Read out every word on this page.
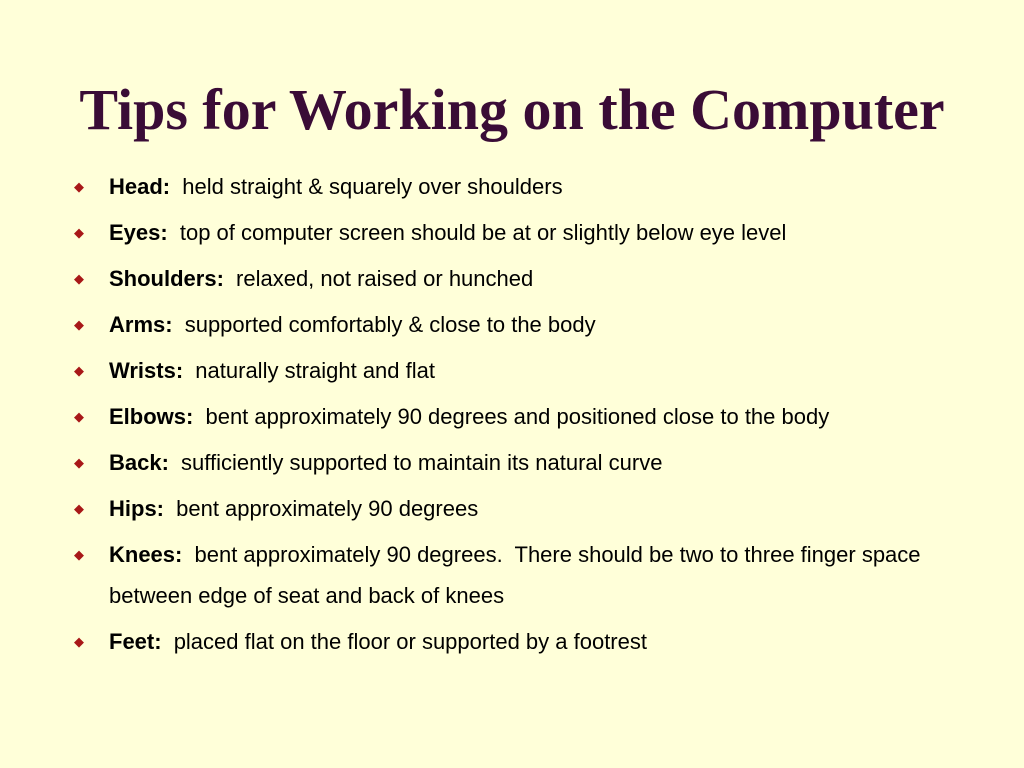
Tips for Working on the Computer
◆ Head: held straight & squarely over shoulders
◆ Eyes: top of computer screen should be at or slightly below eye level
◆ Shoulders: relaxed, not raised or hunched
◆ Arms: supported comfortably & close to the body
◆ Wrists: naturally straight and flat
◆ Elbows: bent approximately 90 degrees and positioned close to the body
◆ Back: sufficiently supported to maintain its natural curve
◆ Hips: bent approximately 90 degrees
◆ Knees: bent approximately 90 degrees.  There should be two to three finger space between edge of seat and back of knees
◆ Feet: placed flat on the floor or supported by a footrest
